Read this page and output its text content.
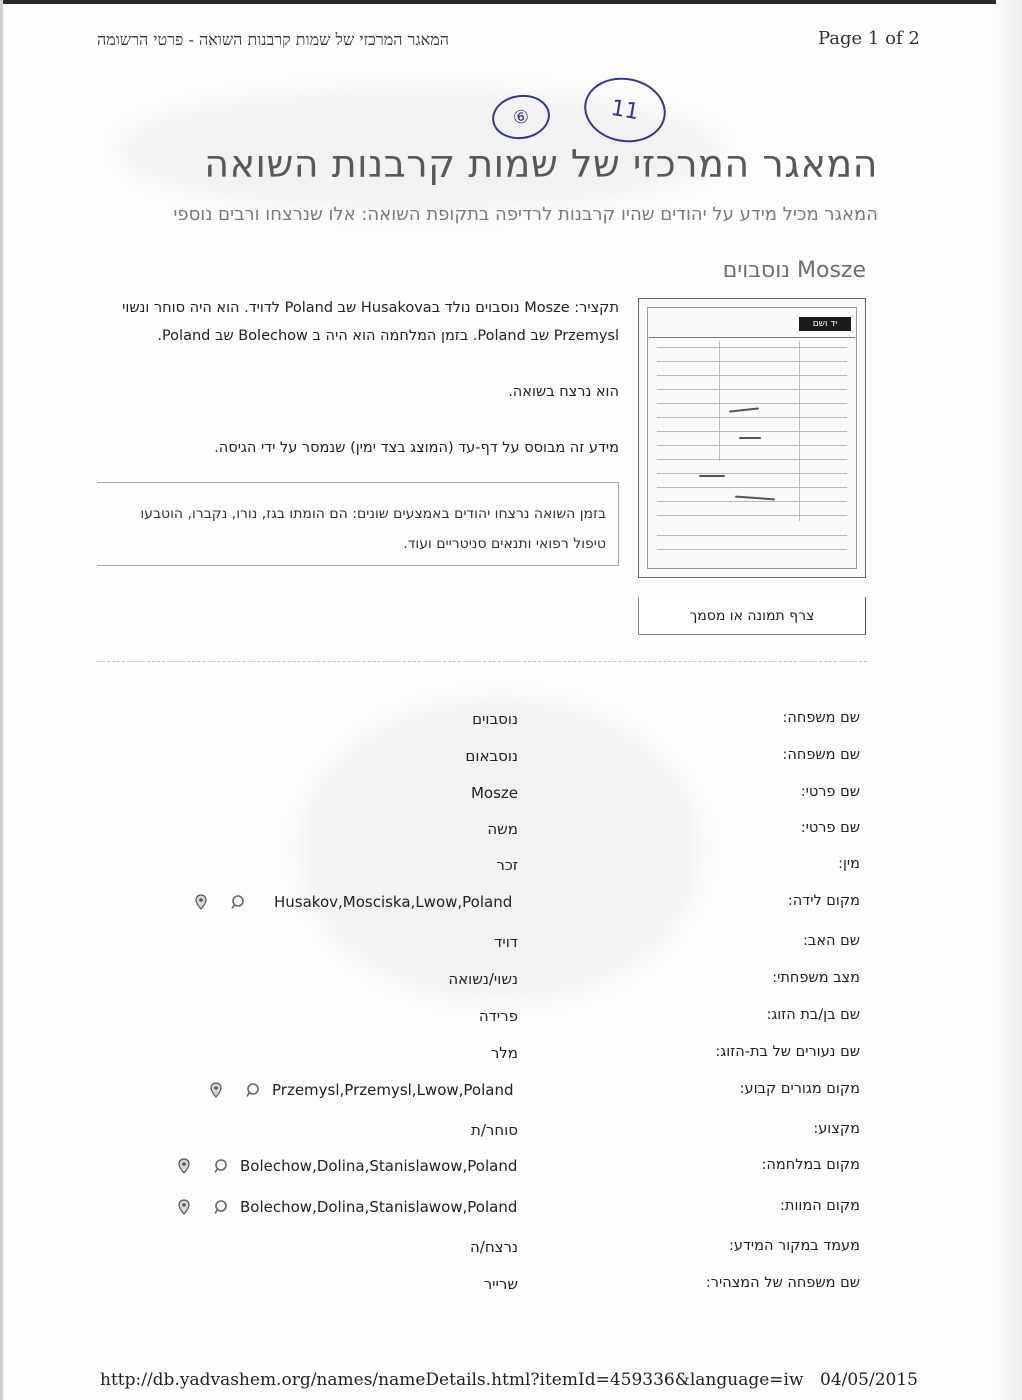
המאגר המרכזי של שמות קרבנות השואה - פרטי הרשומה	Page 1 of 2
⑥	11
המאגר המרכזי של שמות קרבנות השואה
המאגר מכיל מידע על יהודים שהיו קרבנות לרדיפה בתקופת השואה: אלו שנרצחו ורבים נוספי
Mosze נוסבוים
תקציר: Mosze נוסבוים נולד בHusakova שב Poland לדויד. הוא היה סוחר ונשוי
Przemysl שב Poland. בזמן המלחמה הוא היה ב Bolechow שב Poland.
הוא נרצח בשואה.
מידע זה מבוסס על דף-עד (המוצג בצד ימין) שנמסר על ידי הגיסה.
בזמן השואה נרצחו יהודים באמצעים שונים: הם הומתו בגז, נורו, נקברו, הוטבעו
טיפול רפואי ותנאים סניטריים ועוד.
יד ושם
צרף תמונה או מסמך
שם משפחה:
נוסבוים
שם משפחה:
נוסבאום
שם פרטי:
Mosze
שם פרטי:
משה
מין:
זכר
מקום לידה:
Husakov,Mosciska,Lwow,Poland
שם האב:
דויד
מצב משפחתי:
נשוי/נשואה
שם בן/בת הזוג:
פרידה
שם נעורים של בת-הזוג:
מלר
מקום מגורים קבוע:
Przemysl,Przemysl,Lwow,Poland
מקצוע:
סוחר/ת
מקום במלחמה:
Bolechow,Dolina,Stanislawow,Poland
מקום המוות:
Bolechow,Dolina,Stanislawow,Poland
מעמד במקור המידע:
נרצח/ה
שם משפחה של המצהיר:
שרייר
http://db.yadvashem.org/names/nameDetails.html?itemId=459336&language=iw 04/05/2015
